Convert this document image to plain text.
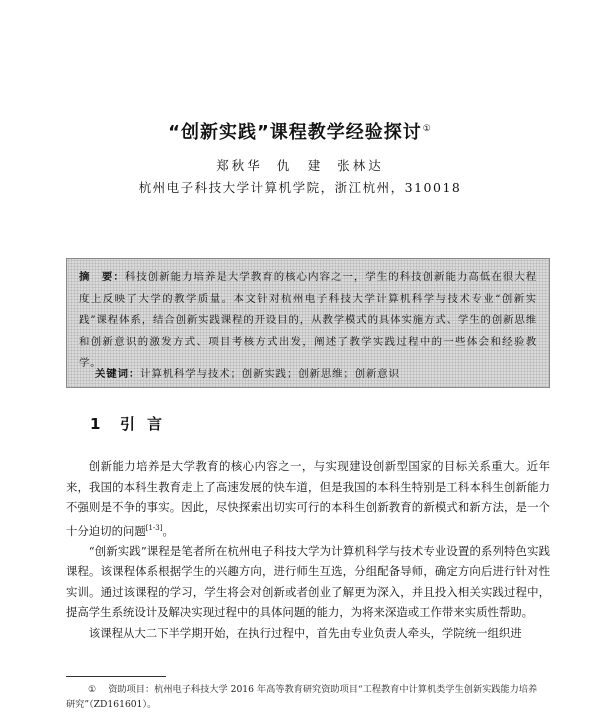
“创新实践”课程教学经验探讨①
郑秋华 仇　建 张林达
杭州电子科技大学计算机学院，浙江杭州，310018
摘　要：科技创新能力培养是大学教育的核心内容之一，学生的科技创新能力高低在很大程度上反映了大学的教学质量。本文针对杭州电子科技大学计算机科学与技术专业“创新实践”课程体系，结合创新实践课程的开设目的，从教学模式的具体实施方式、学生的创新思维和创新意识的激发方式、项目考核方式出发，阐述了教学实践过程中的一些体会和经验教学。
关键词：计算机科学与技术；创新实践；创新思维；创新意识
1 引言

创新能力培养是大学教育的核心内容之一，与实现建设创新型国家的目标关系重大。近年来，我国的本科生教育走上了高速发展的快车道，但是我国的本科生特别是工科本科生创新能力不强则是不争的事实。因此，尽快探索出切实可行的本科生创新教育的新模式和新方法，是一个十分迫切的问题[1-3]。

“创新实践”课程是笔者所在杭州电子科技大学为计算机科学与技术专业设置的系列特色实践课程。该课程体系根据学生的兴趣方向，进行师生互选，分组配备导师，确定方向后进行针对性实训。通过该课程的学习，学生将会对创新或者创业了解更为深入，并且投入相关实践过程中，提高学生系统设计及解决实现过程中的具体问题的能力，为将来深造或工作带来实质性帮助。

该课程从大二下半学期开始，在执行过程中，首先由专业负责人牵头，学院统一组织进

① 资助项目：杭州电子科技大学 2016 年高等教育研究资助项目“工程教育中计算机类学生创新实践能力培养研究”（ZD161601）。
